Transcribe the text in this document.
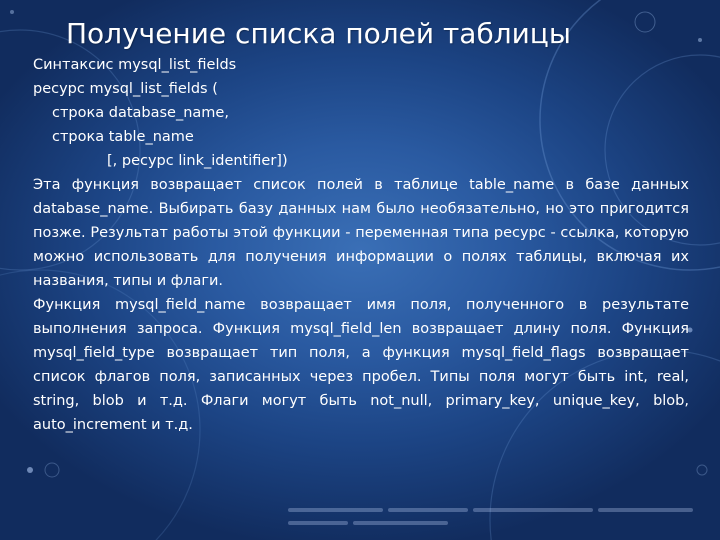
Получение списка полей таблицы
Синтаксис mysql_list_fields
ресурс mysql_list_fields (
строка database_name,
строка table_name
[, ресурс link_identifier])

Эта функция возвращает список полей в таблице table_name в базе данных database_name. Выбирать базу данных нам было необязательно, но это пригодится позже. Результат работы этой функции - переменная типа ресурс - ссылка, которую можно использовать для получения информации о полях таблицы, включая их названия, типы и флаги.

Функция mysql_field_name возвращает имя поля, полученного в результате выполнения запроса. Функция mysql_field_len возвращает длину поля. Функция mysql_field_type возвращает тип поля, а функция mysql_field_flags возвращает список флагов поля, записанных через пробел. Типы поля могут быть int, real, string, blob и т.д. Флаги могут быть not_null, primary_key, unique_key, blob, auto_increment и т.д.
